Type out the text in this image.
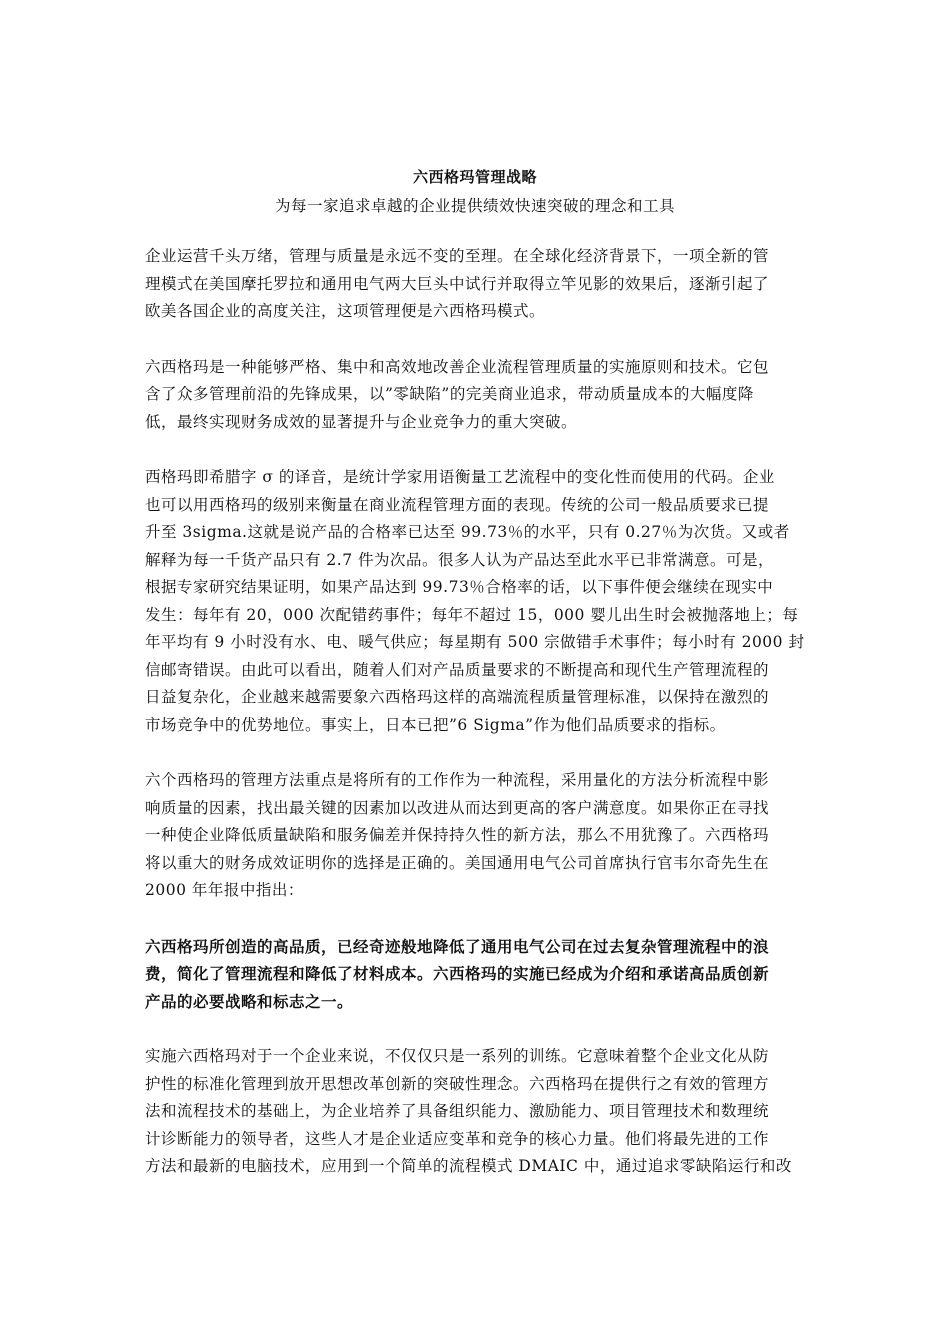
六西格玛管理战略
为每一家追求卓越的企业提供绩效快速突破的理念和工具
企业运营千头万绪，管理与质量是永远不变的至理。在全球化经济背景下，一项全新的管
理模式在美国摩托罗拉和通用电气两大巨头中试行并取得立竿见影的效果后，逐渐引起了
欧美各国企业的高度关注，这项管理便是六西格玛模式。
六西格玛是一种能够严格、集中和高效地改善企业流程管理质量的实施原则和技术。它包
含了众多管理前沿的先锋成果，以”零缺陷”的完美商业追求，带动质量成本的大幅度降
低，最终实现财务成效的显著提升与企业竞争力的重大突破。
西格玛即希腊字 σ 的译音，是统计学家用语衡量工艺流程中的变化性而使用的代码。企业
也可以用西格玛的级别来衡量在商业流程管理方面的表现。传统的公司一般品质要求已提
升至 3sigma.这就是说产品的合格率已达至 99.73％的水平，只有 0.27％为次货。又或者
解释为每一千货产品只有 2.7 件为次品。很多人认为产品达至此水平已非常满意。可是，
根据专家研究结果证明，如果产品达到 99.73％合格率的话，以下事件便会继续在现实中
发生：每年有 20，000 次配错药事件；每年不超过 15，000 婴儿出生时会被抛落地上；每
年平均有 9 小时没有水、电、暖气供应；每星期有 500 宗做错手术事件；每小时有 2000 封
信邮寄错误。由此可以看出，随着人们对产品质量要求的不断提高和现代生产管理流程的
日益复杂化，企业越来越需要象六西格玛这样的高端流程质量管理标准，以保持在激烈的
市场竞争中的优势地位。事实上，日本已把”6 Sigma”作为他们品质要求的指标。
六个西格玛的管理方法重点是将所有的工作作为一种流程，采用量化的方法分析流程中影
响质量的因素，找出最关键的因素加以改进从而达到更高的客户满意度。如果你正在寻找
一种使企业降低质量缺陷和服务偏差并保持持久性的新方法，那么不用犹豫了。六西格玛
将以重大的财务成效证明你的选择是正确的。美国通用电气公司首席执行官韦尔奇先生在
2000 年年报中指出：
六西格玛所创造的高品质，已经奇迹般地降低了通用电气公司在过去复杂管理流程中的浪
费，简化了管理流程和降低了材料成本。六西格玛的实施已经成为介绍和承诺高品质创新
产品的必要战略和标志之一。
实施六西格玛对于一个企业来说，不仅仅只是一系列的训练。它意味着整个企业文化从防
护性的标准化管理到放开思想改革创新的突破性理念。六西格玛在提供行之有效的管理方
法和流程技术的基础上，为企业培养了具备组织能力、激励能力、项目管理技术和数理统
计诊断能力的领导者，这些人才是企业适应变革和竞争的核心力量。他们将最先进的工作
方法和最新的电脑技术，应用到一个简单的流程模式 DMAIC 中，通过追求零缺陷运行和改
